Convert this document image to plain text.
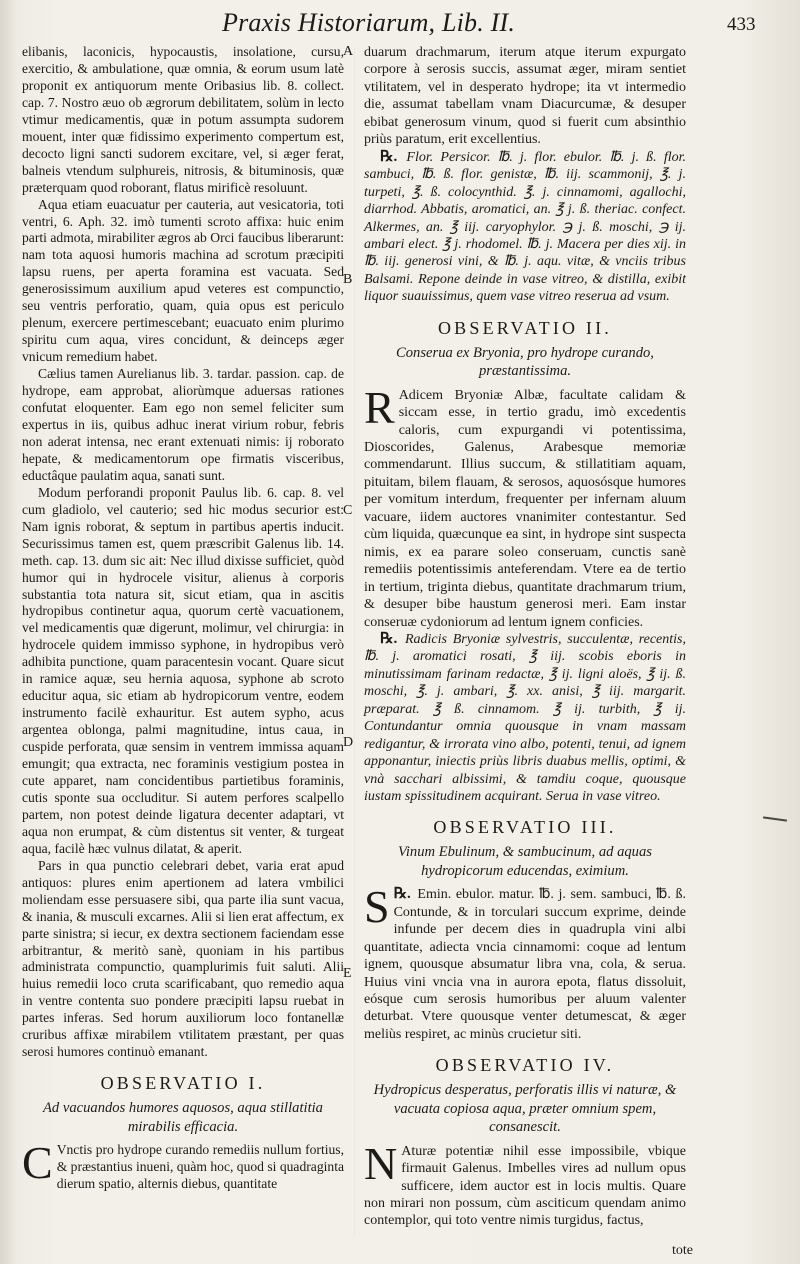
Praxis Historiarum, Lib. II.	433

elibanis, laconicis, hypocaustis, insolatione, cursu, exercitio, & ambulatione, quæ omnia, & eorum usum latè proponit ex antiquorum mente Oribasius lib. 8. collect. cap. 7. Nostro æuo ob ægrorum debilitatem, solùm in lecto vtimur medicamentis, quæ in potum assumpta sudorem mouent, inter quæ fidissimo experimento compertum est, decocto ligni sancti sudorem excitare, vel, si æger ferat, balneis vtendum sulphureis, nitrosis, & bituminosis, quæ præterquam quod roborant, flatus mirificè resoluunt.

Aqua etiam euacuatur per cauteria, aut vesicatoria, toti ventri, 6. Aph. 32. imò tumenti scroto affixa: huic enim parti admota, mirabiliter ægros ab Orci faucibus liberarunt: nam tota aquosi humoris machina ad scrotum præcipiti lapsu ruens, per aperta foramina est vacuata. Sed generosissimum auxilium apud veteres est compunctio, seu ventris perforatio, quam, quia opus est periculo plenum, exercere pertimescebant; euacuato enim plurimo spiritu cum aqua, vires concidunt, & deinceps æger vnicum remedium habet.

Cælius tamen Aurelianus lib. 3. tardar. passion. cap. de hydrope, eam approbat, aliorùmque aduersas rationes confutat eloquenter. Eam ego non semel feliciter sum expertus in iis, quibus adhuc inerat virium robur, febris non aderat intensa, nec erant extenuati nimis: ij roborato hepate, & medicamentorum ope firmatis visceribus, eductâque paulatim aqua, sanati sunt.

Modum perforandi proponit Paulus lib. 6. cap. 8. vel cum gladiolo, vel cauterio; sed hic modus securior est: Nam ignis roborat, & septum in partibus apertis inducit. Securissimus tamen est, quem præscribit Galenus lib. 14. meth. cap. 13. dum sic ait: Nec illud dixisse sufficiet, quòd humor qui in hydrocele visitur, alienus à corporis substantia tota natura sit, sicut etiam, qua in ascitis hydropibus continetur aqua, quorum certè vacuationem, vel medicamentis quæ digerunt, molimur, vel chirurgia: in hydrocele quidem immisso syphone, in hydropibus verò adhibita punctione, quam paracentesin vocant. Quare sicut in ramice aquæ, seu hernia aquosa, syphone ab scroto educitur aqua, sic etiam ab hydropicorum ventre, eodem instrumento facilè exhauritur. Est autem sypho, acus argentea oblonga, palmi magnitudine, intus caua, in cuspide perforata, quæ sensim in ventrem immissa aquam emungit; qua extracta, nec foraminis vestigium postea in cute apparet, nam concidentibus partietibus foraminis, cutis sponte sua occluditur. Si autem perfores scalpello partem, non potest deinde ligatura decenter adaptari, vt aqua non erumpat, & cùm distentus sit venter, & turgeat aqua, facilè hæc vulnus dilatat, & aperit.

Pars in qua punctio celebrari debet, varia erat apud antiquos: plures enim apertionem ad latera vmbilici moliendam esse persuasere sibi, qua parte ilia sunt vacua, & inania, & musculi excarnes. Alii si lien erat affectum, ex parte sinistra; si iecur, ex dextra sectionem faciendam esse arbitrantur, & meritò sanè, quoniam in his partibus administrata compunctio, quamplurimis fuit saluti. Alii huius remedii loco cruta scarificabant, quo remedio aqua in ventre contenta suo pondere præcipiti lapsu ruebat in partes inferas. Sed horum auxiliorum loco fontanellæ cruribus affixæ mirabilem vtilitatem præstant, per quas serosi humores continuò emanant.

OBSERVATIO I.
Ad vacuandos humores aquosos, aqua stillatitia mirabilis efficacia.

C Vnctis pro hydrope curando remediis nullum fortius, & præstantius inueni, quàm hoc, quod si quadraginta dierum spatio, alternis diebus, quantitate

A
B
C
D
E

duarum drachmarum, iterum atque iterum expurgato corpore à serosis succis, assumat æger, miram sentiet vtilitatem, vel in desperato hydrope; ita vt intermedio die, assumat tabellam vnam Diacurcumæ, & desuper ebibat generosum vinum, quod si fuerit cum absinthio priùs paratum, erit excellentius.

℞. Flor. Persicor. ℔. j. flor. ebulor. ℔. j. ß. flor. sambuci, ℔. ß. flor. genistæ, ℔. iij. scammonij, ℥. j. turpeti, ℥. ß. colocynthid. ℥. j. cinnamomi, agallochi, diarrhod. Abbatis, aromatici, an. ℥ j. ß. theriac. confect. Alkermes, an. ℥ iij. caryophylor. ℈ j. ß. moschi, ℈ ij. ambari elect. ℥ j. rhodomel. ℔. j. Macera per dies xij. in ℔. iij. generosi vini, & ℔. j. aqu. vitæ, & vnciis tribus Balsami. Repone deinde in vase vitreo, & distilla, exibit liquor suauissimus, quem vase vitreo reserua ad vsum.

OBSERVATIO II.
Conserua ex Bryonia, pro hydrope curando, præstantissima.

R Adicem Bryoniæ Albæ, facultate calidam & siccam esse, in tertio gradu, imò excedentis caloris, cum expurgandi vi potentissima, Dioscorides, Galenus, Arabesque memoriæ commendarunt. Illius succum, & stillatitiam aquam, pituitam, bilem flauam, & serosos, aquosósque humores per vomitum interdum, frequenter per infernam aluum vacuare, iidem auctores vnanimiter contestantur. Sed cùm liquida, quæcunque ea sint, in hydrope sint suspecta nimis, ex ea parare soleo conseruam, cunctis sanè remediis potentissimis anteferendam. Vtere ea de tertio in tertium, triginta diebus, quantitate drachmarum trium, & desuper bibe haustum generosi meri. Eam instar conseruæ cydoniorum ad lentum ignem conficies.

℞. Radicis Bryoniæ sylvestris, succulentæ, recentis, ℔. j. aromatici rosati, ℥ iij. scobis eboris in minutissimam farinam redactæ, ℥ ij. ligni aloës, ℥ ij. ß. moschi, ℥. j. ambari, ℥. xx. anisi, ℥ iij. margarit. præparat. ℥ ß. cinnamom. ℥ ij. turbith, ℥ ij. Contundantur omnia quousque in vnam massam redigantur, & irrorata vino albo, potenti, tenui, ad ignem apponantur, iniectis priùs libris duabus mellis, optimi, & vnà sacchari albissimi, & tamdiu coque, quousque iustam spissitudinem acquirant. Serua in vase vitreo.

OBSERVATIO III.
Vinum Ebulinum, & sambucinum, ad aquas hydropicorum educendas, eximium.

℞.
S Emin. ebulor. matur. ℔. j. sem. sambuci, ℔. ß. Contunde, & in torculari succum exprime, deinde infunde per decem dies in quadrupla vini albi quantitate, adiecta vncia cinnamomi: coque ad lentum ignem, quousque absumatur libra vna, cola, & serua. Huius vini vncia vna in aurora epota, flatus dissoluit, eósque cum serosis humoribus per aluum valenter deturbat. Vtere quousque venter detumescat, & æger meliùs respiret, ac minùs crucietur siti.

OBSERVATIO IV.
Hydropicus desperatus, perforatis illis vi naturæ, & vacuata copiosa aqua, præter omnium spem, consanescit.

N Aturæ potentiæ nihil esse impossibile, vbique firmauit Galenus. Imbelles vires ad nullum opus sufficere, idem auctor est in locis multis. Quare non mirari non possum, cùm asciticum quendam animo contemplor, qui toto ventre nimis turgidus, factus,

tote
